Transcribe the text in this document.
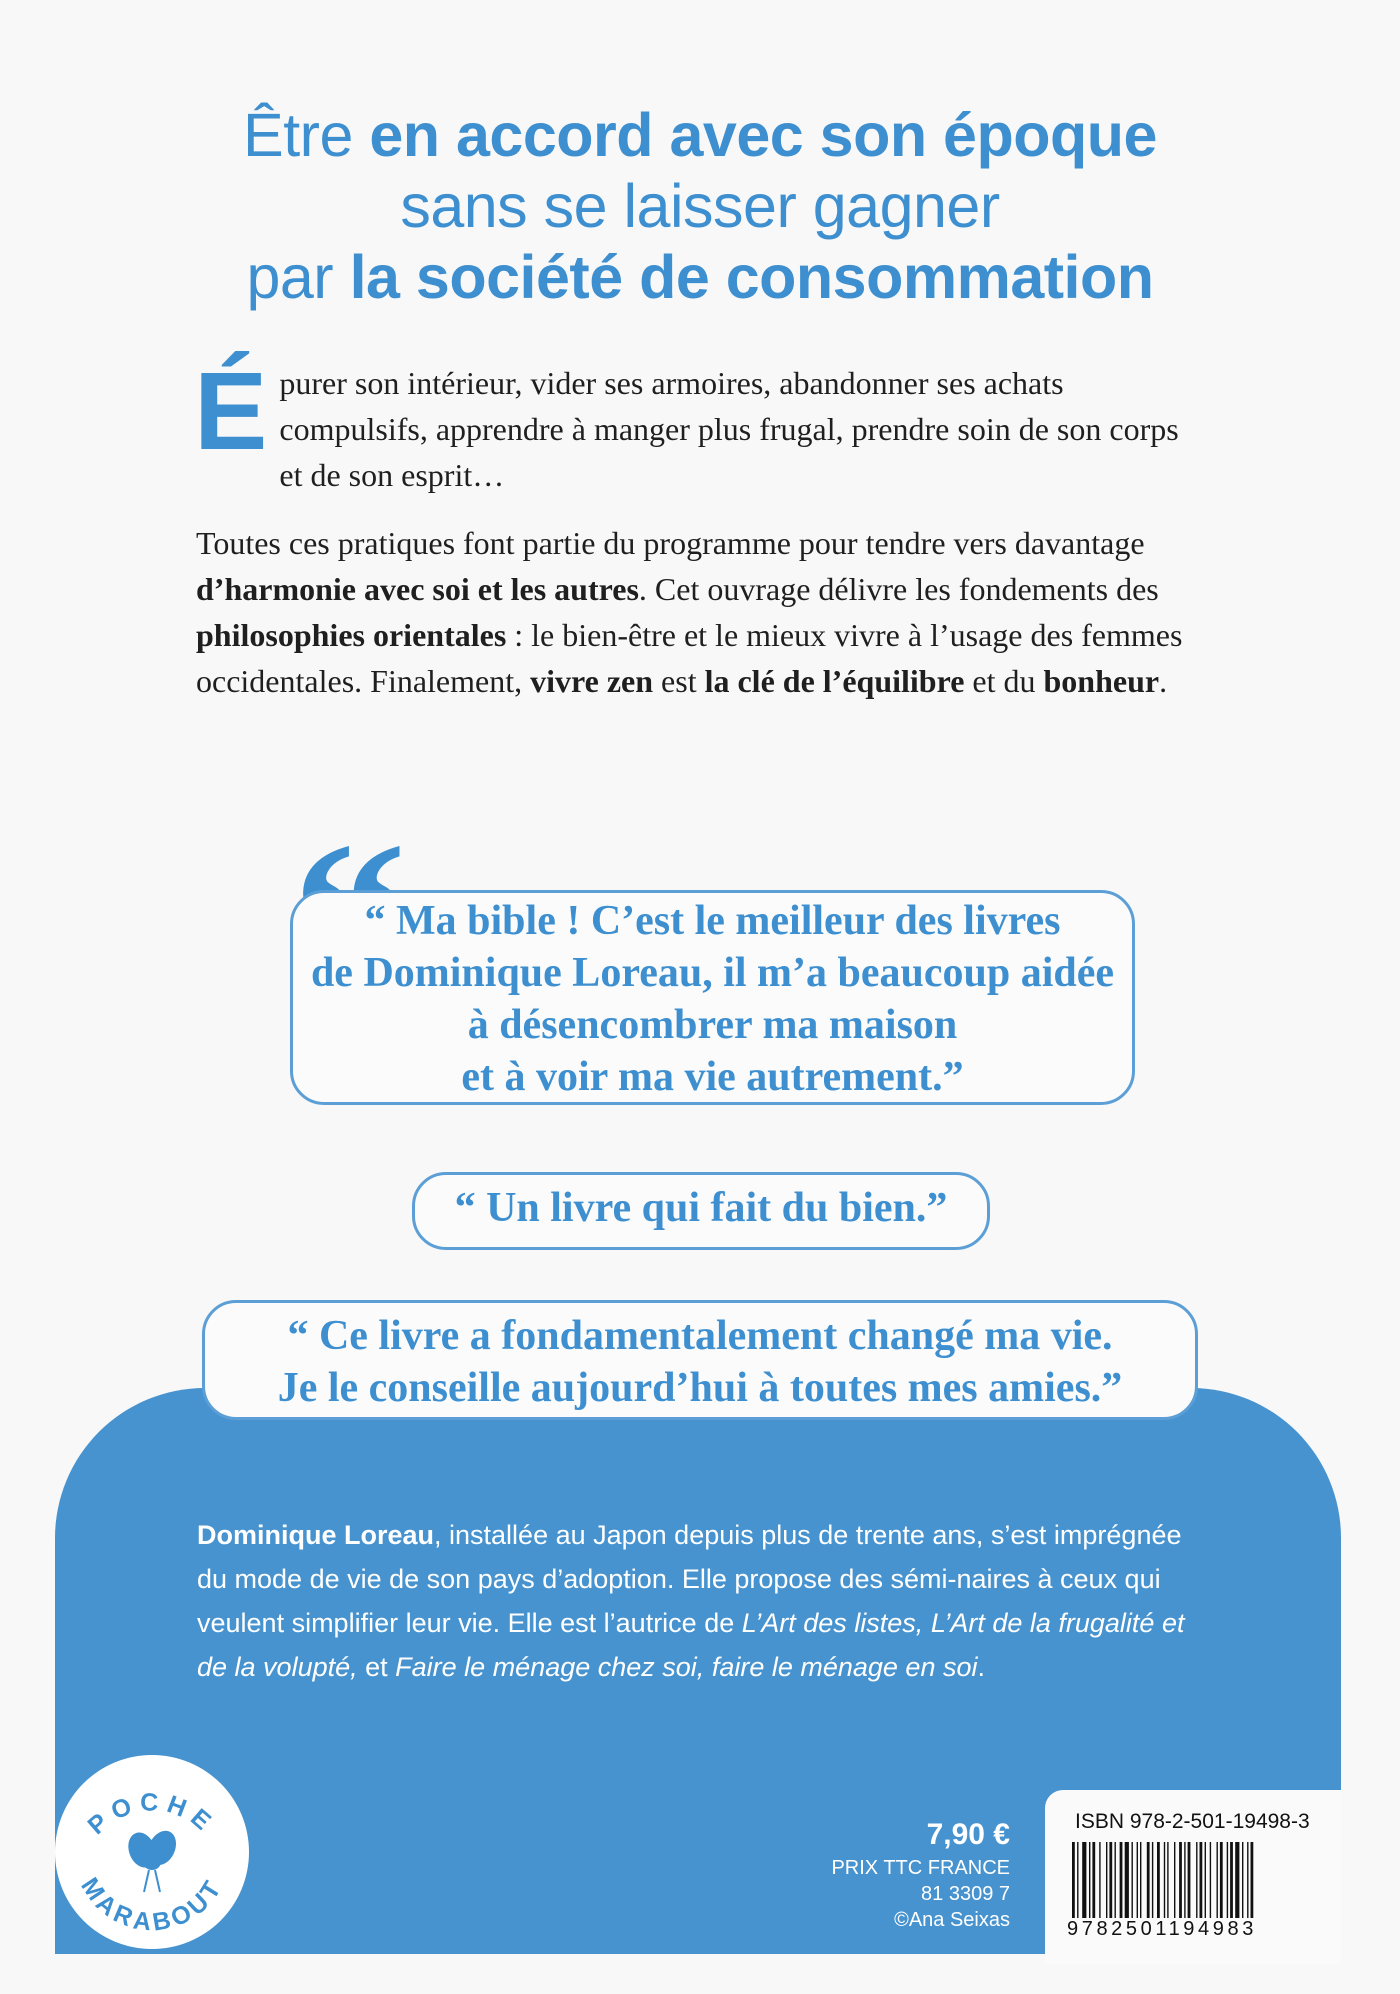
Être en accord avec son époque
sans se laisser gagner
par la société de consommation

Épurer son intérieur, vider ses armoires, abandonner ses achats compulsifs, apprendre à manger plus frugal, prendre soin de son corps et de son esprit…

Toutes ces pratiques font partie du programme pour tendre vers davantage d’harmonie avec soi et les autres. Cet ouvrage délivre les fondements des philosophies orientales : le bien-être et le mieux vivre à l’usage des femmes occidentales. Finalement, vivre zen est la clé de l’équilibre et du bonheur.

“ Ma bible ! C’est le meilleur des livres
de Dominique Loreau, il m’a beaucoup aidée
à désencombrer ma maison
et à voir ma vie autrement.”
“ Un livre qui fait du bien.”
“ Ce livre a fondamentalement changé ma vie.
Je le conseille aujourd’hui à toutes mes amies.”
Dominique Loreau, installée au Japon depuis plus de trente ans, s’est imprégnée du mode de vie de son pays d’adoption. Elle propose des sémi-naires à ceux qui veulent simplifier leur vie. Elle est l’autrice de L’Art des listes, L’Art de la frugalité et de la volupté, et Faire le ménage chez soi, faire le ménage en soi.
POCHE
MARABOUT
7,90 €
PRIX TTC FRANCE
81 3309 7
©Ana Seixas
ISBN 978-2-501-19498-3
9782501194983
